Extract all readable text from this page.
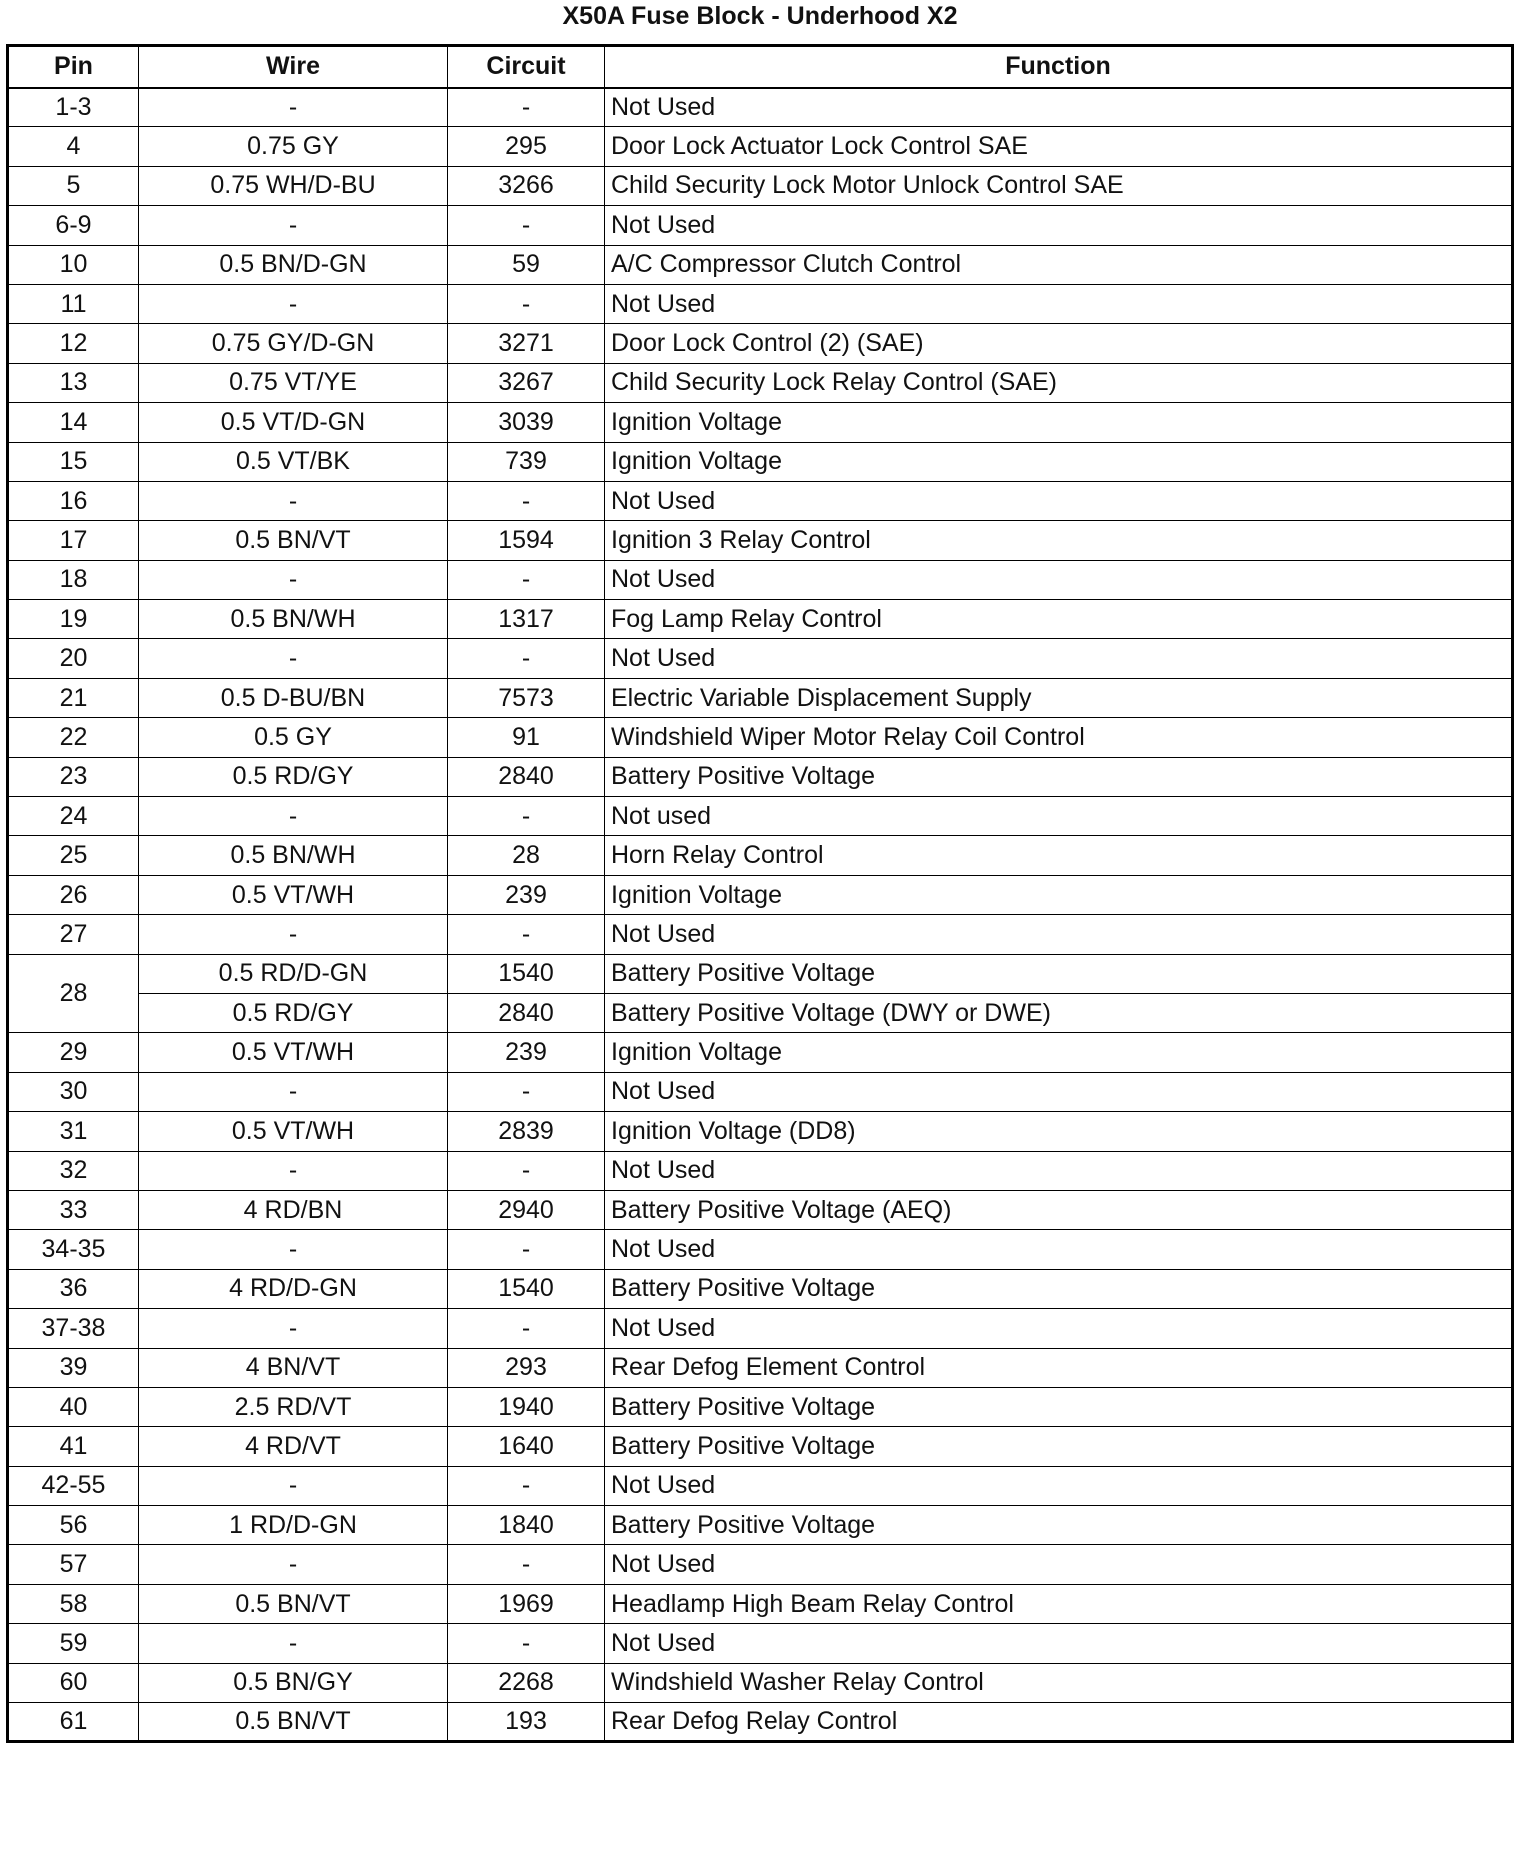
X50A Fuse Block - Underhood X2
Pin	Wire	Circuit	Function
1-3	-	-	Not Used
4	0.75 GY	295	Door Lock Actuator Lock Control SAE
5	0.75 WH/D-BU	3266	Child Security Lock Motor Unlock Control SAE
6-9	-	-	Not Used
10	0.5 BN/D-GN	59	A/C Compressor Clutch Control
11	-	-	Not Used
12	0.75 GY/D-GN	3271	Door Lock Control (2) (SAE)
13	0.75 VT/YE	3267	Child Security Lock Relay Control (SAE)
14	0.5 VT/D-GN	3039	Ignition Voltage
15	0.5 VT/BK	739	Ignition Voltage
16	-	-	Not Used
17	0.5 BN/VT	1594	Ignition 3 Relay Control
18	-	-	Not Used
19	0.5 BN/WH	1317	Fog Lamp Relay Control
20	-	-	Not Used
21	0.5 D-BU/BN	7573	Electric Variable Displacement Supply
22	0.5 GY	91	Windshield Wiper Motor Relay Coil Control
23	0.5 RD/GY	2840	Battery Positive Voltage
24	-	-	Not used
25	0.5 BN/WH	28	Horn Relay Control
26	0.5 VT/WH	239	Ignition Voltage
27	-	-	Not Used
28	0.5 RD/D-GN	1540	Battery Positive Voltage
	0.5 RD/GY	2840	Battery Positive Voltage (DWY or DWE)
29	0.5 VT/WH	239	Ignition Voltage
30	-	-	Not Used
31	0.5 VT/WH	2839	Ignition Voltage (DD8)
32	-	-	Not Used
33	4 RD/BN	2940	Battery Positive Voltage (AEQ)
34-35	-	-	Not Used
36	4 RD/D-GN	1540	Battery Positive Voltage
37-38	-	-	Not Used
39	4 BN/VT	293	Rear Defog Element Control
40	2.5 RD/VT	1940	Battery Positive Voltage
41	4 RD/VT	1640	Battery Positive Voltage
42-55	-	-	Not Used
56	1 RD/D-GN	1840	Battery Positive Voltage
57	-	-	Not Used
58	0.5 BN/VT	1969	Headlamp High Beam Relay Control
59	-	-	Not Used
60	0.5 BN/GY	2268	Windshield Washer Relay Control
61	0.5 BN/VT	193	Rear Defog Relay Control
